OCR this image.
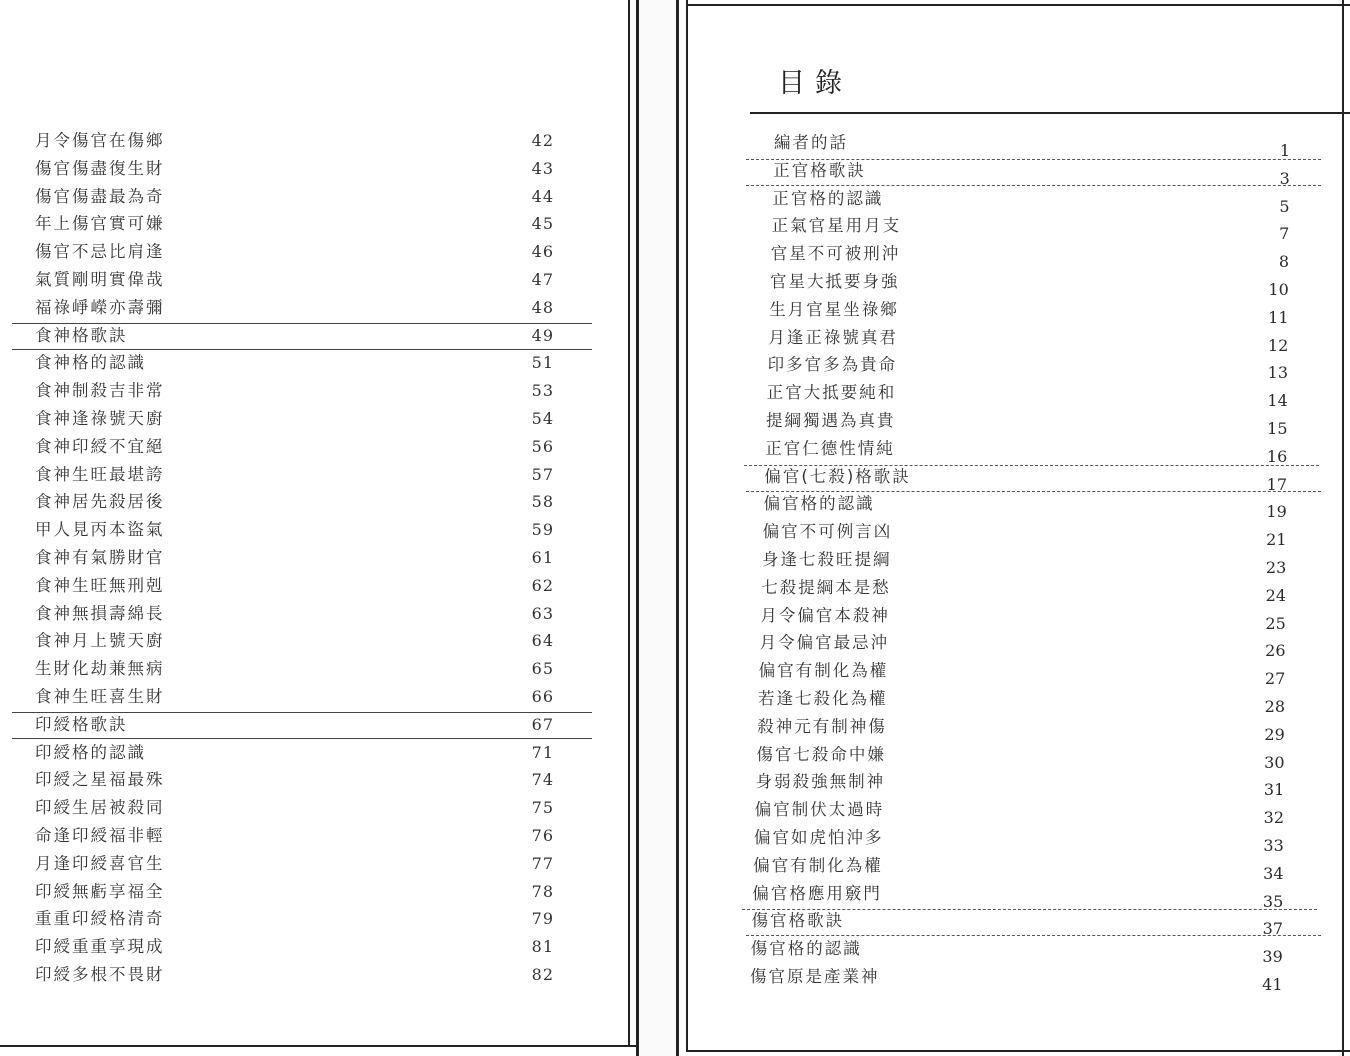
月令傷官在傷鄉	42
傷官傷盡復生財	43
傷官傷盡最為奇	44
年上傷官實可嫌	45
傷官不忌比肩逢	46
氣質剛明實偉哉	47
福祿崢嶸亦壽彌	48
食神格歌訣	49
食神格的認識	51
食神制殺吉非常	53
食神逢祿號天廚	54
食神印綬不宜絕	56
食神生旺最堪誇	57
食神居先殺居後	58
甲人見丙本盜氣	59
食神有氣勝財官	61
食神生旺無刑剋	62
食神無損壽綿長	63
食神月上號天廚	64
生財化劫兼無病	65
食神生旺喜生財	66
印綬格歌訣	67
印綬格的認識	71
印綬之星福最殊	74
印綬生居被殺同	75
命逢印綬福非輕	76
月逢印綬喜官生	77
印綬無虧享福全	78
重重印綬格清奇	79
印綬重重享現成	81
印綬多根不畏財	82
目錄
編者的話	1
正官格歌訣	3
正官格的認識	5
正氣官星用月支	7
官星不可被刑沖	8
官星大抵要身強	10
生月官星坐祿鄉	11
月逢正祿號真君	12
印多官多為貴命	13
正官大抵要純和	14
提綱獨遇為真貴	15
正官仁德性情純	16
偏官(七殺)格歌訣	17
偏官格的認識	19
偏官不可例言凶	21
身逢七殺旺提綱	23
七殺提綱本是愁	24
月令偏官本殺神	25
月令偏官最忌沖	26
偏官有制化為權	27
若逢七殺化為權	28
殺神元有制神傷	29
傷官七殺命中嫌	30
身弱殺強無制神	31
偏官制伏太過時	32
偏官如虎怕沖多	33
偏官有制化為權	34
偏官格應用竅門	35
傷官格歌訣	37
傷官格的認識	39
傷官原是產業神	41
